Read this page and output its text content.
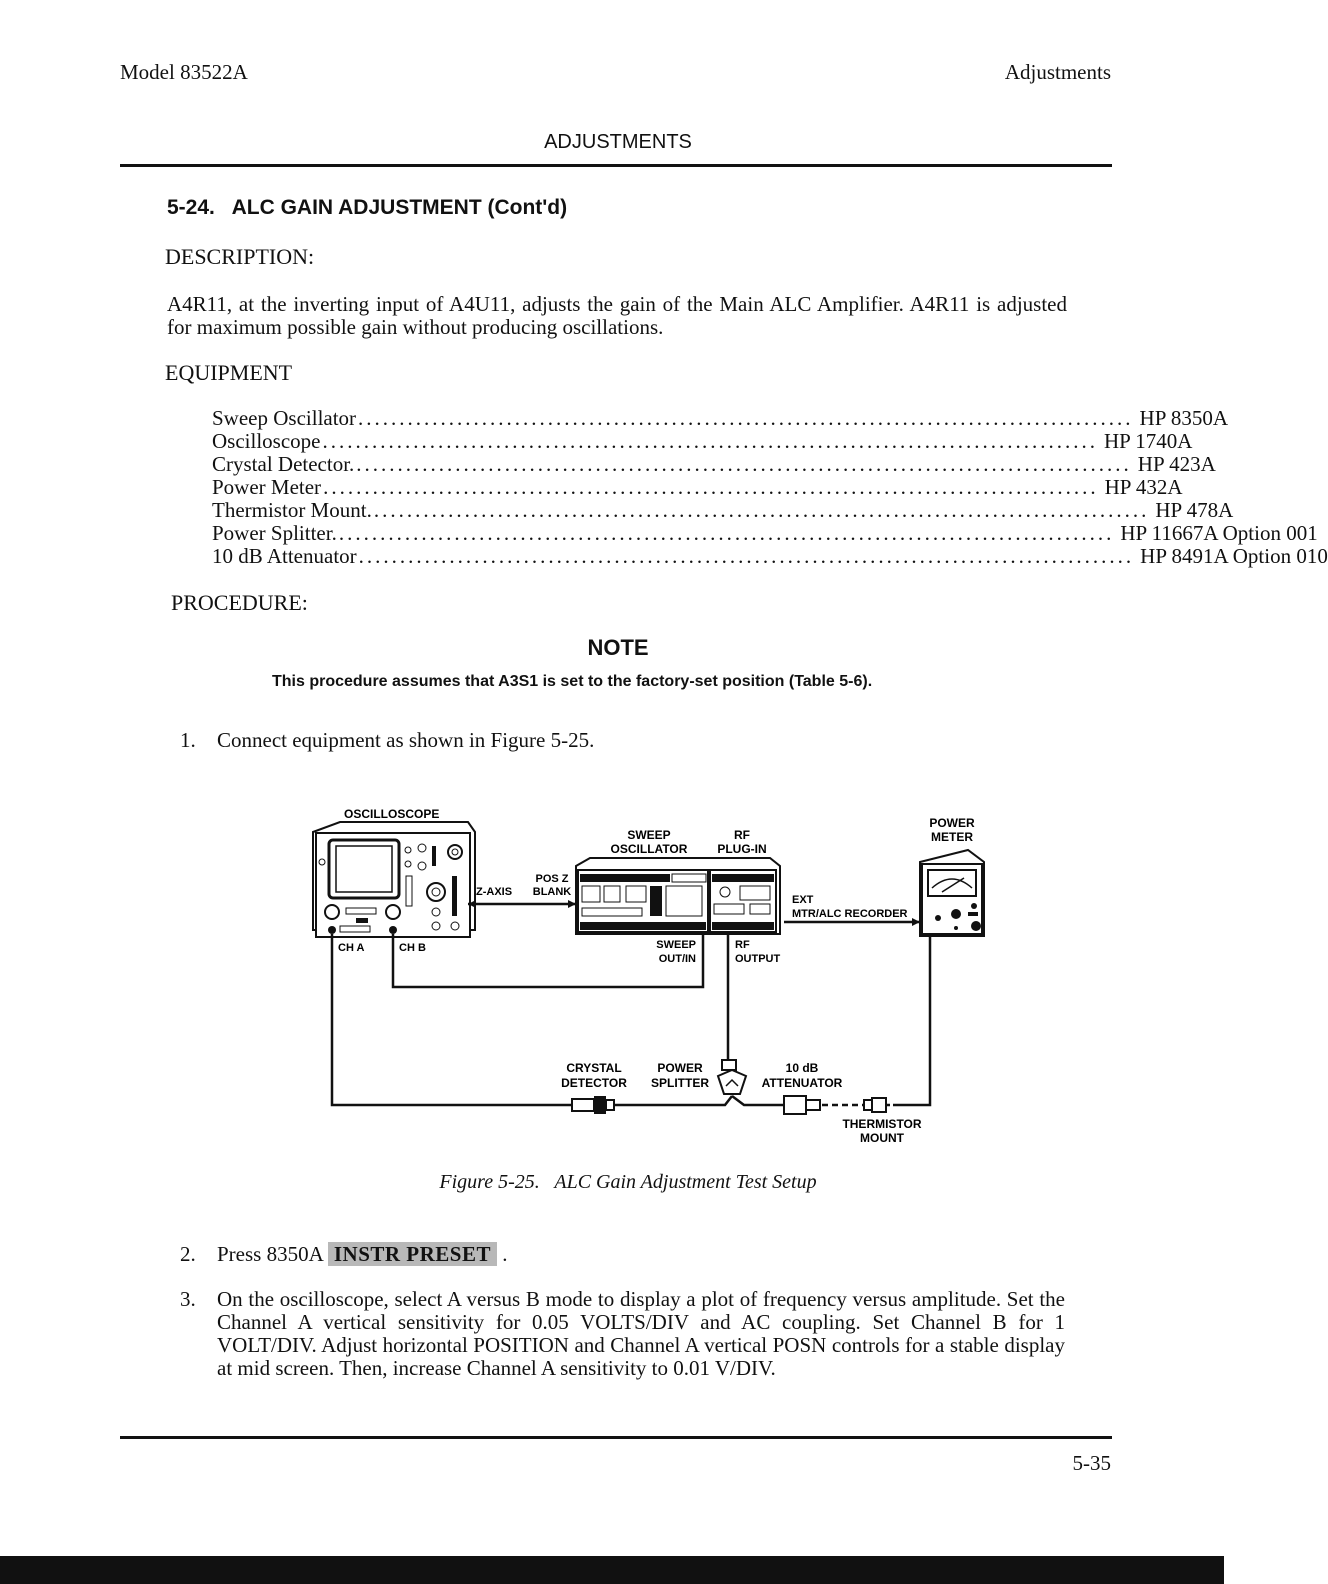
Model 83522A	Adjustments
ADJUSTMENTS
5-24.   ALC GAIN ADJUSTMENT (Cont'd)
DESCRIPTION:
A4R11, at the inverting input of A4U11, adjusts the gain of the Main ALC Amplifier. A4R11 is adjusted for maximum possible gain without producing oscillations.
EQUIPMENT
Sweep Oscillator .............................................................................................. HP 8350A
Oscilloscope .............................................................................................. HP 1740A
Crystal Detector. .............................................................................................. HP 423A
Power Meter .............................................................................................. HP 432A
Thermistor Mount. .............................................................................................. HP 478A
Power Splitter. .............................................................................................. HP 11667A Option 001
10 dB Attenuator .............................................................................................. HP 8491A Option 010
PROCEDURE:
NOTE
This procedure assumes that A3S1 is set to the factory-set position (Table 5-6).
1.	Connect equipment as shown in Figure 5-25.
OSCILLOSCOPE
SWEEP
OSCILLATOR
RF
PLUG-IN
POWER
METER
Z-AXIS
POS Z
BLANK
EXT
MTR/ALC RECORDER
CH A	CH B	SWEEP
OUT/IN
RF
OUTPUT
CRYSTAL
DETECTOR
POWER
SPLITTER
10 dB
ATTENUATOR
THERMISTOR
MOUNT
Figure 5-25.   ALC Gain Adjustment Test Setup
2.	Press 8350A INSTR PRESET .
3.	On the oscilloscope, select A versus B mode to display a plot of frequency versus amplitude. Set the Channel A vertical sensitivity for 0.05 VOLTS/DIV and AC coupling. Set Channel B for 1 VOLT/DIV. Adjust horizontal POSITION and Channel A vertical POSN controls for a stable display at mid screen. Then, increase Channel A sensitivity to 0.01 V/DIV.
5-35
